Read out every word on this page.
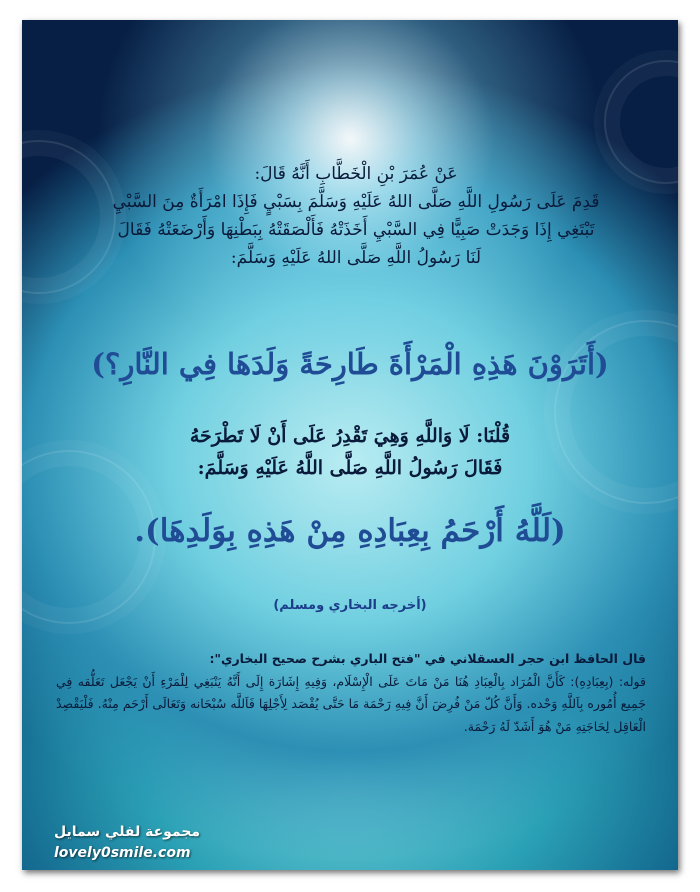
عَنْ عُمَرَ بْنِ الْخَطَّابِ أَنَّهُ قَالَ:

قَدِمَ عَلَى رَسُولِ اللَّهِ صَلَّى اللهُ عَلَيْهِ وَسَلَّمَ بِسَبْيٍ فَإِذَا امْرَأَةٌ مِنَ السَّبْيِ

تَبْتَغِي إِذَا وَجَدَتْ صَبِيًّا فِي السَّبْيِ أَخَذَتْهُ فَأَلْصَقَتْهُ بِبَطْنِهَا وَأَرْضَعَتْهُ فَقَالَ

لَنَا رَسُولُ اللَّهِ صَلَّى اللهُ عَلَيْهِ وَسَلَّمَ:

(أَتَرَوْنَ هَذِهِ الْمَرْأَةَ طَارِحَةً وَلَدَهَا فِي النَّارِ؟)

قُلْنَا: لَا وَاللَّهِ وَهِيَ تَقْدِرُ عَلَى أَنْ لَا تَطْرَحَهُ

فَقَالَ رَسُولُ اللَّهِ صَلَّى اللَّهُ عَلَيْهِ وَسَلَّمَ:

(لَلَّهُ أَرْحَمُ بِعِبَادِهِ مِنْ هَذِهِ بِوَلَدِهَا).
(أخرجه البخاري ومسلم)

قال الحافظ ابن حجر العسقلاني في "فتح الباري بشرح صحيح البخاري":

قوله: (بِعِبَادِهِ): كَأَنَّ الْمُرَاد بِالْعِبَادِ هُنَا مَنْ مَاتَ عَلَى الْإِسْلَام، وَفِيهِ إِشَارَة إِلَى أَنَّهُ يَنْبَغِي لِلْمَرْءِ أَنْ يَجْعَل تَعَلُّقه فِي جَمِيع أُمُوره بِاَللَّهِ وَحْده. وَأَنَّ كُلّ مَنْ فُرِضَ أَنَّ فِيهِ رَحْمَة مَا حَتَّى يُقْصَد لِأَجْلِهَا فَاَللَّه سُبْحَانه وَتَعَالَى أَرْحَم مِنْهُ. فَلْيَقْصِدْ الْعَاقِل لِحَاجَتِهِ مَنْ هُوَ أَشَدّ لَهُ رَحْمَة.

مجموعة لفلي سمايل
lovely0smile.com
